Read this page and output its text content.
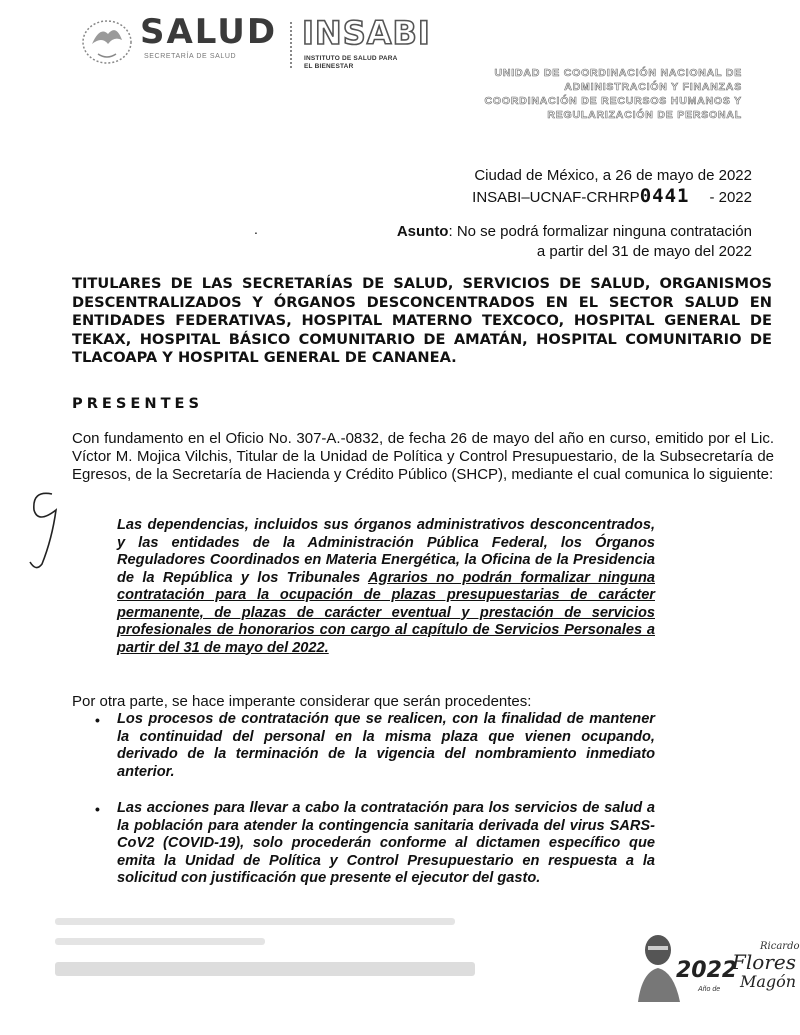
SALUD
SECRETARÍA DE SALUD
INSABI
INSTITUTO DE SALUD PARA
EL BIENESTAR
UNIDAD DE COORDINACIÓN NACIONAL DE
ADMINISTRACIÓN Y FINANZAS
COORDINACIÓN DE RECURSOS HUMANOS Y
REGULARIZACIÓN DE PERSONAL
Ciudad de México, a 26 de mayo de 2022
INSABI–UCNAF-CRHRP0441 - 2022
.	Asunto: No se podrá formalizar ninguna contratación a partir del 31 de mayo del 2022
TITULARES DE LAS SECRETARÍAS DE SALUD, SERVICIOS DE SALUD, ORGANISMOS DESCENTRALIZADOS Y ÓRGANOS DESCONCENTRADOS EN EL SECTOR SALUD EN ENTIDADES FEDERATIVAS, HOSPITAL MATERNO TEXCOCO, HOSPITAL GENERAL DE TEKAX, HOSPITAL BÁSICO COMUNITARIO DE AMATÁN, HOSPITAL COMUNITARIO DE TLACOAPA Y HOSPITAL GENERAL DE CANANEA.
PRESENTES
Con fundamento en el Oficio No. 307-A.-0832, de fecha 26 de mayo del año en curso, emitido por el Lic. Víctor M. Mojica Vilchis, Titular de la Unidad de Política y Control Presupuestario, de la Subsecretaría de Egresos, de la Secretaría de Hacienda y Crédito Público (SHCP), mediante el cual comunica lo siguiente:
Las dependencias, incluidos sus órganos administrativos desconcentrados, y las entidades de la Administración Pública Federal, los Órganos Reguladores Coordinados en Materia Energética, la Oficina de la Presidencia de la República y los Tribunales Agrarios no podrán formalizar ninguna contratación para la ocupación de plazas presupuestarias de carácter permanente, de plazas de carácter eventual y prestación de servicios profesionales de honorarios con cargo al capítulo de Servicios Personales a partir del 31 de mayo del 2022.
Por otra parte, se hace imperante considerar que serán procedentes:
• Los procesos de contratación que se realicen, con la finalidad de mantener la continuidad del personal en la misma plaza que vienen ocupando, derivado de la terminación de la vigencia del nombramiento inmediato anterior.
• Las acciones para llevar a cabo la contratación para los servicios de salud a la población para atender la contingencia sanitaria derivada del virus SARS-CoV2 (COVID-19), solo procederán conforme al dictamen específico que emita la Unidad de Política y Control Presupuestario en respuesta a la solicitud con justificación que presente el ejecutor del gasto.
2022
Año de
Ricardo
Flores
Magón
